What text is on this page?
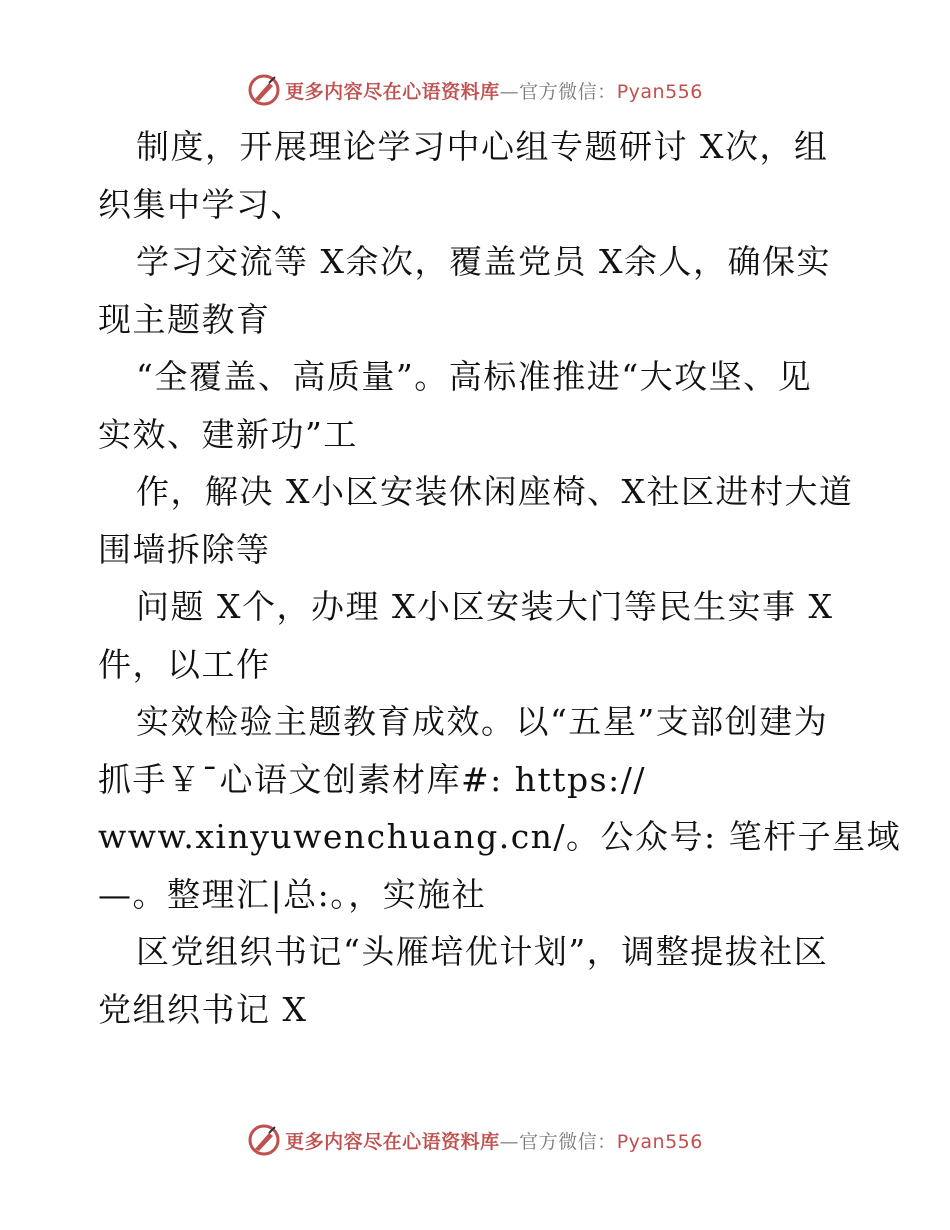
更多内容尽在心语资料库—官方微信：Pyan556
制度，开展理论学习中心组专题研讨 X次，组
织集中学习、
学习交流等 X余次，覆盖党员 X余人，确保实
现主题教育
“全覆盖、高质量”。高标准推进“大攻坚、见
实效、建新功”工
作，解决 X小区安装休闲座椅、X社区进村大道
围墙拆除等
问题 X个，办理 X小区安装大门等民生实事 X
件，以工作
实效检验主题教育成效。以“五星”支部创建为
抓手￥¯心语文创素材库#: https://
www.xinyuwenchuang.cn/。公众号: 笔杆子星域
—。整理汇|总:。，实施社
区党组织书记“头雁培优计划”，调整提拔社区
党组织书记 X
更多内容尽在心语资料库—官方微信：Pyan556
